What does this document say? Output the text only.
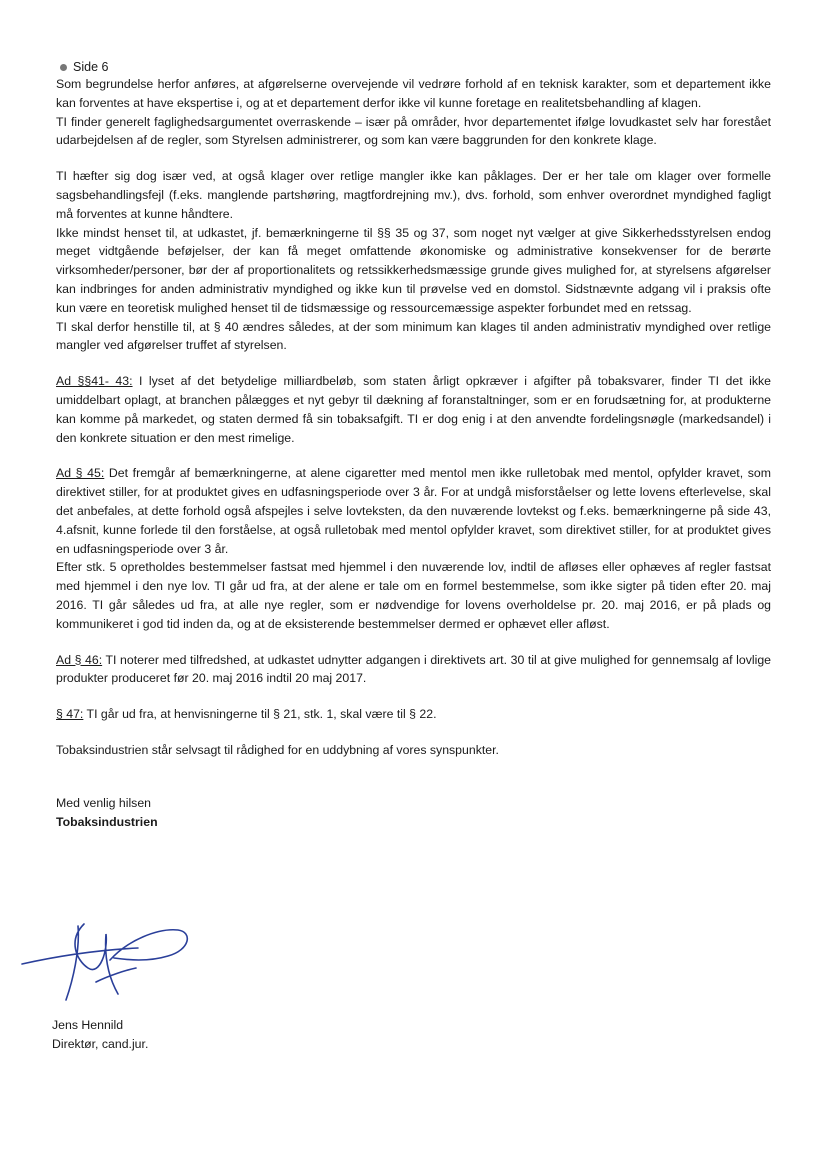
Side 6

Som begrundelse herfor anføres, at afgørelserne overvejende vil vedrøre forhold af en teknisk karakter, som et departement ikke kan forventes at have ekspertise i, og at et departement derfor ikke vil kunne foretage en realitetsbehandling af klagen.

TI finder generelt faglighedsargumentet overraskende – især på områder, hvor departementet ifølge lovudkastet selv har forestået udarbejdelsen af de regler, som Styrelsen administrerer, og som kan være baggrunden for den konkrete klage.

TI hæfter sig dog især ved, at også klager over retlige mangler ikke kan påklages. Der er her tale om klager over formelle sagsbehandlingsfejl (f.eks. manglende partshøring, magtfordrejning mv.), dvs. forhold, som enhver overordnet myndighed fagligt må forventes at kunne håndtere.

Ikke mindst henset til, at udkastet, jf. bemærkningerne til §§ 35 og 37, som noget nyt vælger at give Sikkerhedsstyrelsen endog meget vidtgående beføjelser, der kan få meget omfattende økonomiske og administrative konsekvenser for de berørte virksomheder/personer, bør der af proportionalitets og retssikkerhedsmæssige grunde gives mulighed for, at styrelsens afgørelser kan indbringes for anden administrativ myndighed og ikke kun til prøvelse ved en domstol. Sidstnævnte adgang vil i praksis ofte kun være en teoretisk mulighed henset til de tidsmæssige og ressourcemæssige aspekter forbundet med en retssag.

TI skal derfor henstille til, at § 40 ændres således, at der som minimum kan klages til anden administrativ myndighed over retlige mangler ved afgørelser truffet af styrelsen.

Ad §§41- 43: I lyset af det betydelige milliardbeløb, som staten årligt opkræver i afgifter på tobaksvarer, finder TI det ikke umiddelbart oplagt, at branchen pålægges et nyt gebyr til dækning af foranstaltninger, som er en forudsætning for, at produkterne kan komme på markedet, og staten dermed få sin tobaksafgift. TI er dog enig i at den anvendte fordelingsnøgle (markedsandel) i den konkrete situation er den mest rimelige.

Ad § 45: Det fremgår af bemærkningerne, at alene cigaretter med mentol men ikke rulletobak med mentol, opfylder kravet, som direktivet stiller, for at produktet gives en udfasningsperiode over 3 år. For at undgå misforståelser og lette lovens efterlevelse, skal det anbefales, at dette forhold også afspejles i selve lovteksten, da den nuværende lovtekst og f.eks. bemærkningerne på side 43, 4.afsnit, kunne forlede til den forståelse, at også rulletobak med mentol opfylder kravet, som direktivet stiller, for at produktet gives en udfasningsperiode over 3 år.

Efter stk. 5 opretholdes bestemmelser fastsat med hjemmel i den nuværende lov, indtil de afløses eller ophæves af regler fastsat med hjemmel i den nye lov. TI går ud fra, at der alene er tale om en formel bestemmelse, som ikke sigter på tiden efter 20. maj 2016. TI går således ud fra, at alle nye regler, som er nødvendige for lovens overholdelse pr. 20. maj 2016, er på plads og kommunikeret i god tid inden da, og at de eksisterende bestemmelser dermed er ophævet eller afløst.

Ad § 46: TI noterer med tilfredshed, at udkastet udnytter adgangen i direktivets art. 30 til at give mulighed for gennemsalg af lovlige produkter produceret før 20. maj 2016 indtil 20 maj 2017.

§ 47: TI går ud fra, at henvisningerne til § 21, stk. 1, skal være til § 22.

Tobaksindustrien står selvsagt til rådighed for en uddybning af vores synspunkter.

Med venlig hilsen
Tobaksindustrien
Jens Hennild
Direktør, cand.jur.
